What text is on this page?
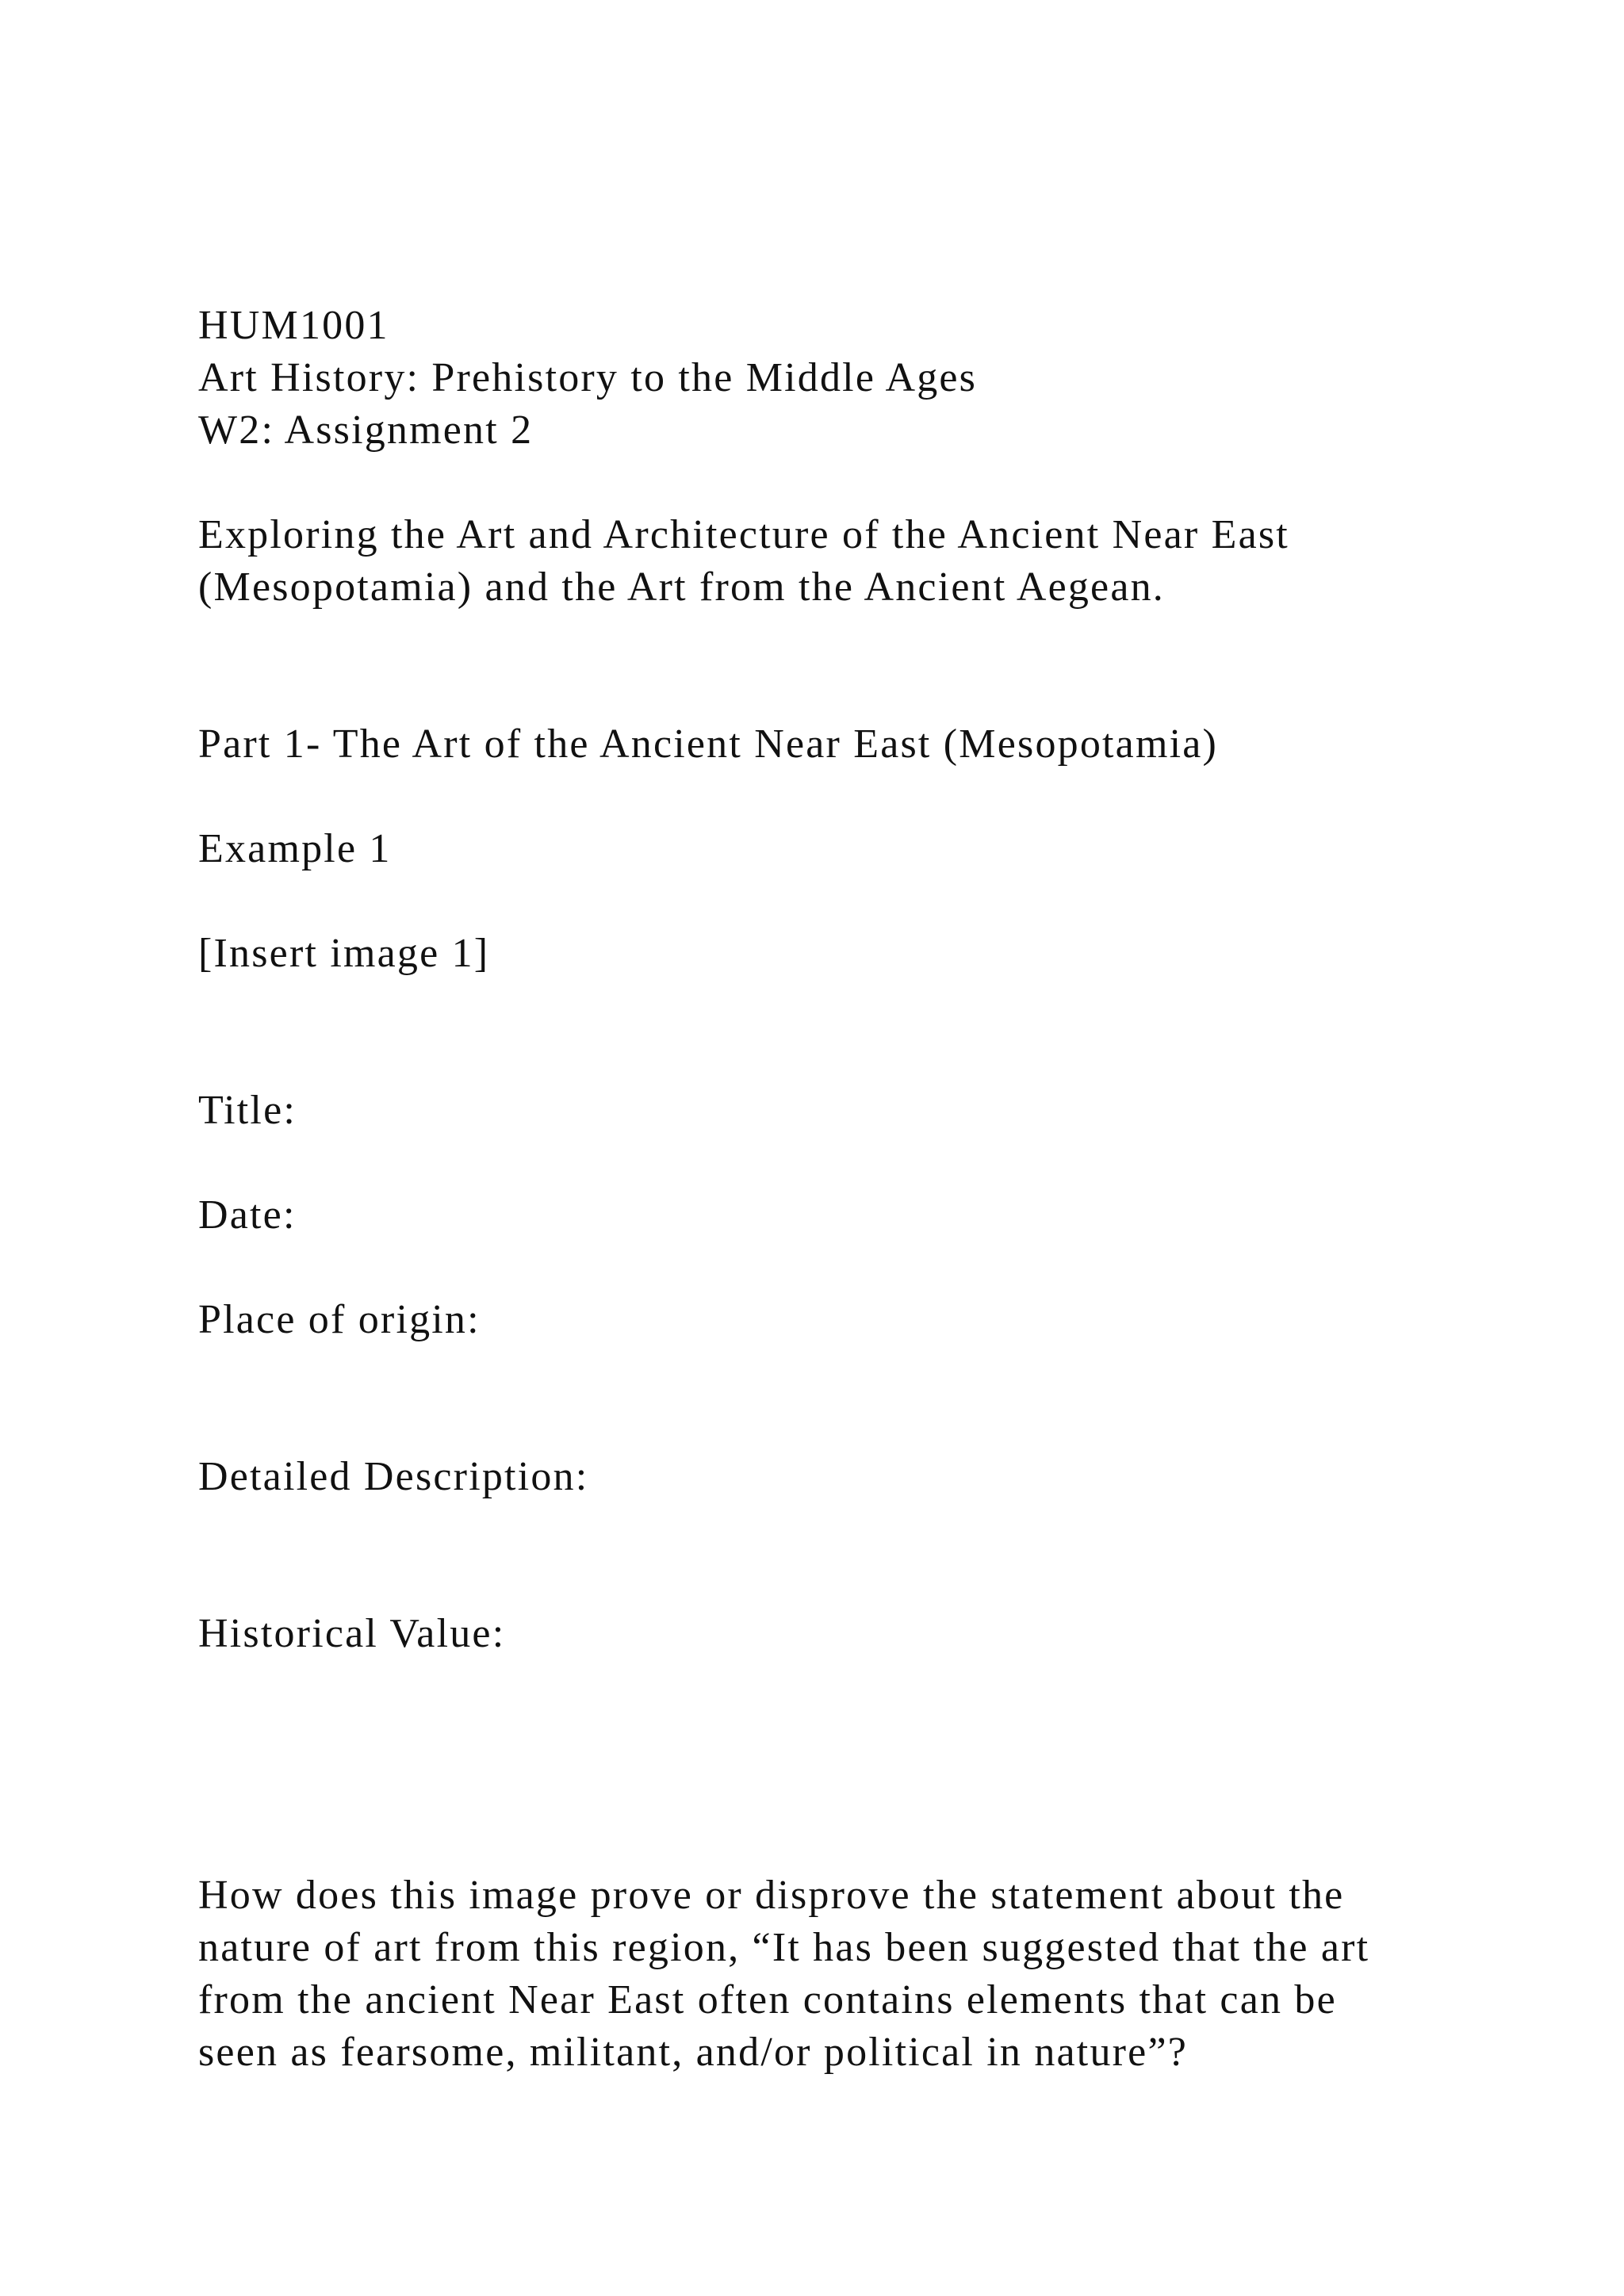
HUM1001

Art History: Prehistory to the Middle Ages

W2: Assignment 2

Exploring the Art and Architecture of the Ancient Near East

(Mesopotamia) and the Art from the Ancient Aegean.

Part 1- The Art of the Ancient Near East (Mesopotamia)

Example 1

[Insert image 1]

Title:

Date:

Place of origin:

Detailed Description:

Historical Value:

How does this image prove or disprove the statement about the

nature of art from this region, “It has been suggested that the art

from the ancient Near East often contains elements that can be

seen as fearsome, militant, and/or political in nature”?
